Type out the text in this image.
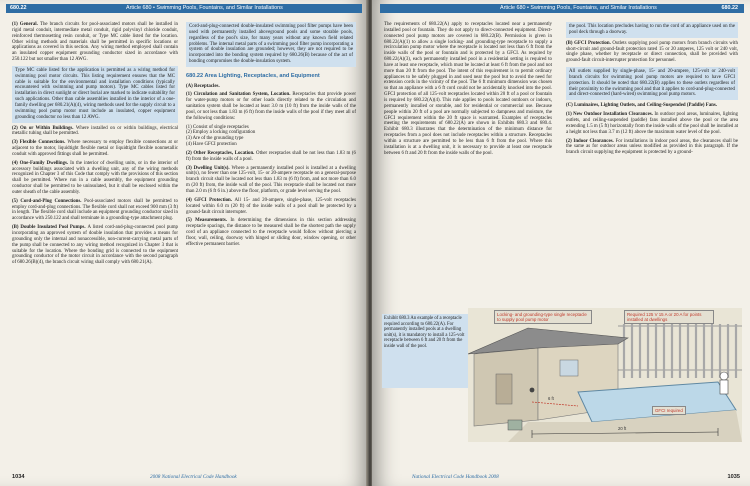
680.22	Article 680 • Swimming Pools, Fountains, and Similar Installations

(1) General. The branch circuits for pool-associated motors shall be installed in rigid metal conduit, intermediate metal conduit, rigid polyvinyl chloride conduit, reinforced thermosetting resin conduit, or Type MC cable listed for the location. Other wiring methods and materials shall be permitted in specific locations or applications as covered in this section. Any wiring method employed shall contain an insulated copper equipment grounding conductor sized in accordance with 250.122 but not smaller than 12 AWG.

Type MC cable listed for the application is permitted as a wiring method for swimming pool motor circuits. This listing requirement ensures that the MC cable is suitable for the environmental and installation conditions (typically encountered with swimming and pump motors). Type MC cables listed for installation in direct sunlight or direct burial are marked to indicate suitability for such applications. Other than cable assemblies installed in the interior of a one-family dwelling per 680.21(A)(4), wiring methods used for the supply circuit to a swimming pool pump motor must include an insulated, copper equipment grounding conductor no less than 12 AWG.

(2) On or Within Buildings. Where installed on or within buildings, electrical metallic tubing shall be permitted.

(3) Flexible Connections. Where necessary to employ flexible connections at or adjacent to the motor, liquidtight flexible metal or liquidtight flexible nonmetallic conduit with approved fittings shall be permitted.

(4) One-Family Dwellings. In the interior of dwelling units, or in the interior of accessory buildings associated with a dwelling unit, any of the wiring methods recognized in Chapter 3 of this Code that comply with the provisions of this section shall be permitted. Where run in a cable assembly, the equipment grounding conductor shall be permitted to be uninsulated, but it shall be enclosed within the outer sheath of the cable assembly.

(5) Cord-and-Plug Connections. Pool-associated motors shall be permitted to employ cord-and-plug connections. The flexible cord shall not exceed 900 mm (3 ft) in length. The flexible cord shall include an equipment grounding conductor sized in accordance with 250.122 and shall terminate in a grounding-type attachment plug.

(B) Double Insulated Pool Pumps. A listed cord-and-plug-connected pool pump incorporating an approved system of double insulation that provides a means for grounding only the internal and nonaccessible, non-current-carrying metal parts of the pump shall be connected to any wiring method recognized in Chapter 3 that is suitable for the location. Where the bonding grid is connected to the equipment grounding conductor of the motor circuit in accordance with the second paragraph of 680.26(B)(4), the branch circuit wiring shall comply with 680.21(A).

Cord-and-plug-connected double-insulated swimming pool filter pumps have been used with permanently installed aboveground pools and some storable pools, regardless of the pool's size, for many years without any known field related problems. The internal metal parts of a swimming pool filter pump incorporating a system of double insulation are grounded; however, they are not required to be incorporated into the bonding system required by 680.26(B) because of the act of bonding compromises the double-insulation system.

680.22 Area Lighting, Receptacles, and Equipment

(A) Receptacles.

(1) Circulation and Sanitation System, Location. Receptacles that provide power for water-pump motors or for other loads directly related to the circulation and sanitation system shall be located at least 3.0 m (10 ft) from the inside walls of the pool, or not less than 1.83 m (6 ft) from the inside walls of the pool if they meet all of the following conditions:

(1) Consist of single receptacles
(2) Employ a locking configuration
(3) Are of the grounding type
(4) Have GFCI protection

(2) Other Receptacles, Location. Other receptacles shall be not less than 1.83 m (6 ft) from the inside walls of a pool.

(3) Dwelling Unit(s). Where a permanently installed pool is installed at a dwelling unit(s), no fewer than one 125-volt, 15- or 20-ampere receptacle on a general-purpose branch circuit shall be located not less than 1.83 m (6 ft) from, and not more than 6.0 m (20 ft) from, the inside wall of the pool. This receptacle shall be located not more than 2.0 m (6 ft 6 in.) above the floor, platform, or grade level serving the pool.

(4) GFCI Protection. All 15- and 20-ampere, single-phase, 125-volt receptacles located within 6.0 m (20 ft) of the inside walls of a pool shall be protected by a ground-fault circuit interrupter.

(5) Measurements. In determining the dimensions in this section addressing receptacle spacings, the distance to be measured shall be the shortest path the supply cord of an appliance connected to the receptacle would follow without piercing a floor, wall, ceiling, doorway with hinged or sliding door, window opening, or other effective permanent barrier.

1034	2008 National Electrical Code Handbook
Article 680 • Swimming Pools, Fountains, and Similar Installations	680.22

The requirements of 680.22(A) apply to receptacles located near a permanently installed pool or fountain. They do not apply to direct-connected equipment. Direct-connected pool pump motors are covered in 680.22(B). Permission is given in 680.22(A)(1) to allow a single locking- and grounding-type receptacle to supply a recirculation pump motor where the receptacle is located not less than 6 ft from the inside walls of the pool or fountain and is protected by a GFCI. As required by 680.22(A)(3), each permanently installed pool in a residential setting is required to have at least one receptacle, which must be located at least 6 ft from the pool and not more than 20 ft from the pool. The intent of this requirement is to permit ordinary appliances to be safely plugged in and used near the pool but to avoid the need for extension cords in the vicinity of the pool. The 6 ft minimum dimension was chosen so that an appliance with a 6 ft cord could not be accidentally knocked into the pool. GFCI protection of all 125-volt receptacles located within 20 ft of a pool or fountain is required by 680.22(A)(4). This rule applies to pools located outdoors or indoors, permanently installed or storable, and for residential or commercial use. Because people within 20 ft of a pool are normally subjected to dampness and moisture, the GFCI requirement within the 20 ft space is warranted. Examples of receptacles meeting the requirements of 680.22(A) are shown in Exhibits 680.3 and 680.4. Exhibit 680.3 illustrates that the determination of the minimum distance for receptacles from a pool does not include receptacles within a structure. Receptacles within a structure are permitted to be less than 6 ft from the pool. Where this installation is at a dwelling unit, it is necessary to provide at least one receptacle between 6 ft and 20 ft from the inside walls of the pool.

the pool. This location precludes having to run the cord of an appliance used on the pool deck through a doorway.

(B) GFCI Protection. Outlets supplying pool pump motors from branch circuits with short-circuit and ground-fault protection rated 15 or 20 amperes, 125 volt or 240 volt, single phase, whether by receptacle or direct connection, shall be provided with ground-fault circuit-interrupter protection for personnel.

All outlets supplied by single-phase, 15- and 20-ampere, 125-volt or 240-volt branch circuits for swimming pool pump motors are required to have GFCI protection. It should be noted that 680.22(B) applies to these outlets regardless of their proximity to the swimming pool and that it applies to cord-and-plug-connected and direct-connected (hard-wired) swimming pool pump motors.

(C) Luminaires, Lighting Outlets, and Ceiling-Suspended (Paddle) Fans.

(1) New Outdoor Installation Clearances. In outdoor pool areas, luminaires, lighting outlets, and ceiling-suspended (paddle) fans installed above the pool or the area extending 1.5 m (5 ft) horizontally from the inside walls of the pool shall be installed at a height not less than 3.7 m (12 ft) above the maximum water level of the pool.

(2) Indoor Clearances. For installations in indoor pool areas, the clearances shall be the same as for outdoor areas unless modified as provided in this paragraph. If the branch circuit supplying the equipment is protected by a ground-

Exhibit 680.3 An example of a receptacle required according to 680.22(A). For permanently installed pools at a dwelling unit(s), it is mandatory to install a 125-volt receptacle between 6 ft and 20 ft from the inside wall of the pool.
Locking- and grounding-type single receptacle to supply pool pump motor
Required 125 V 15 A or 20 A for points installed at dwellings
GFCI required
6 ft
20 ft
National Electrical Code Handbook 2008	1035
